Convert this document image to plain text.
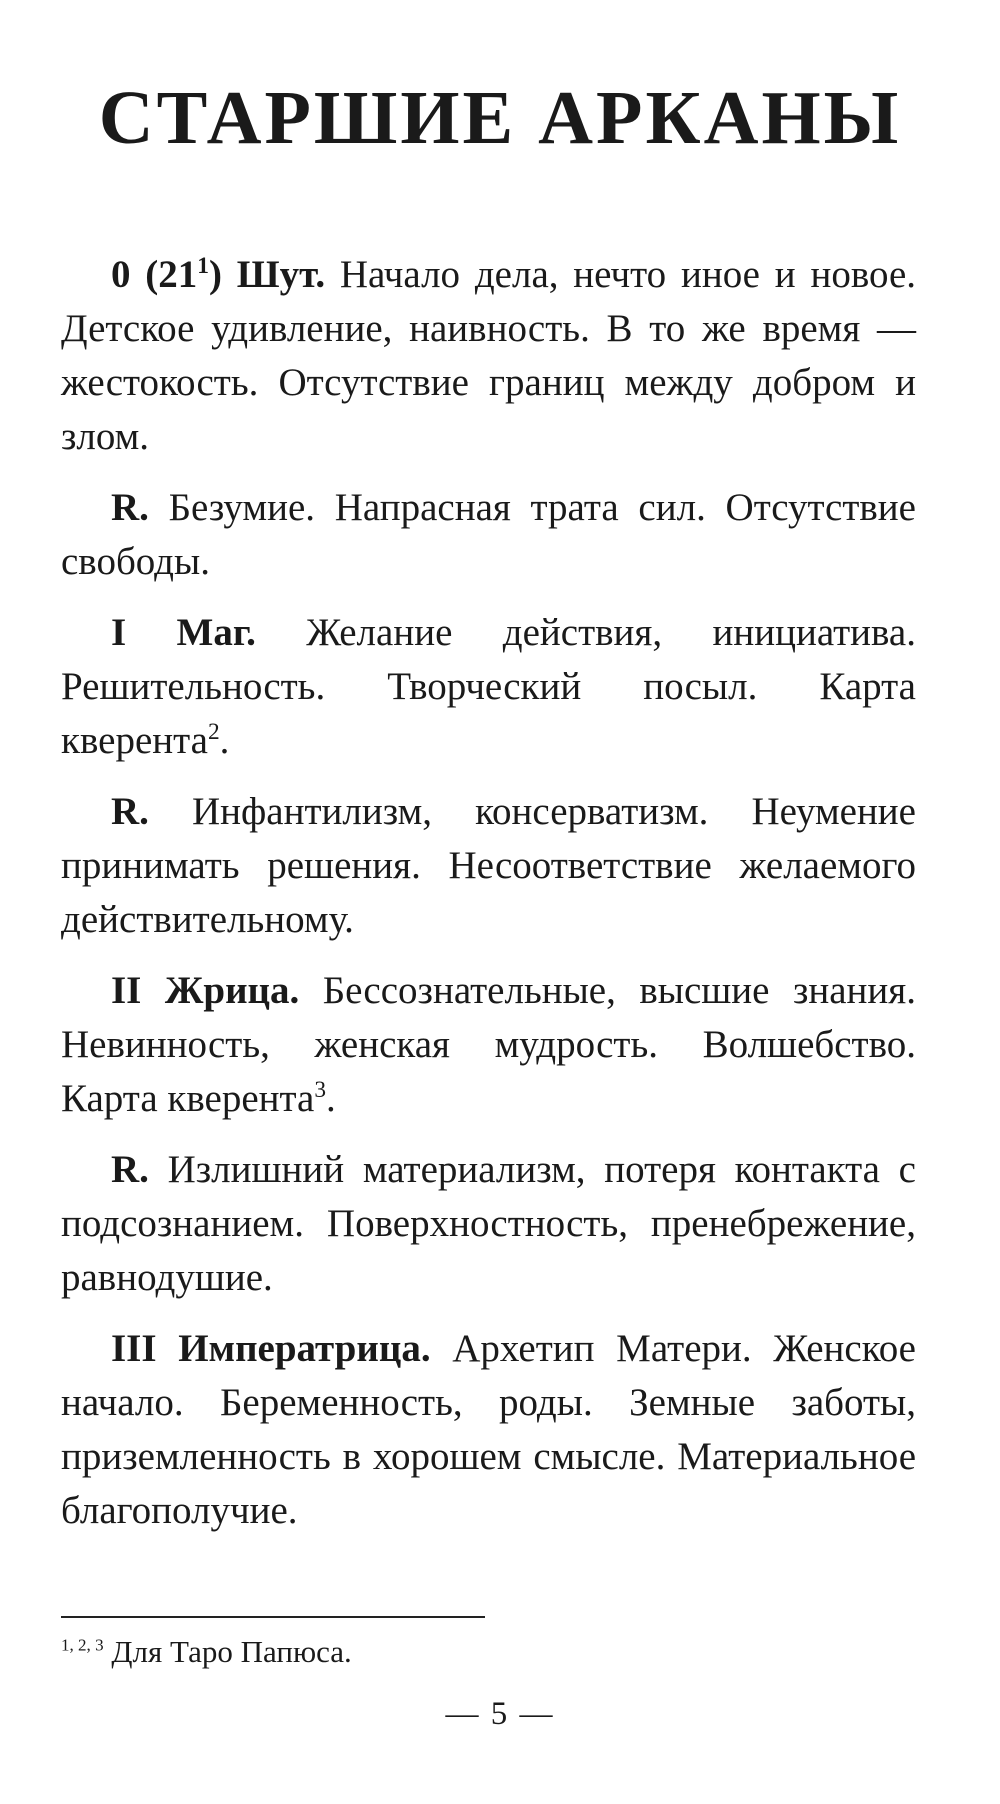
СТАРШИЕ АРКАНЫ

0 $(21^1)$ Шут. Начало дела, нечто иное и новое. Детское удивление, наивность. В то же время — жестокость. Отсутствие границ между добром и злом.

R. Безумие. Напрасная трата сил. Отсутствие свободы.

I Маг. Желание действия, инициатива. Решительность. Творческий посыл. Карта кверента$^2$.

R. Инфантилизм, консерватизм. Неумение принимать решения. Несоответствие желаемого действительному.

II Жрица. Бессознательные, высшие знания. Невинность, женская мудрость. Волшебство. Карта кверента$^3$.

R. Излишний материализм, потеря контакта с подсознанием. Поверхностность, пренебрежение, равнодушие.

III Императрица. Архетип Матери. Женское начало. Беременность, роды. Земные заботы, приземленность в хорошем смысле. Материальное благополучие.

$^{1, 2, 3}$ Для Таро Папюса.
— 5 —
